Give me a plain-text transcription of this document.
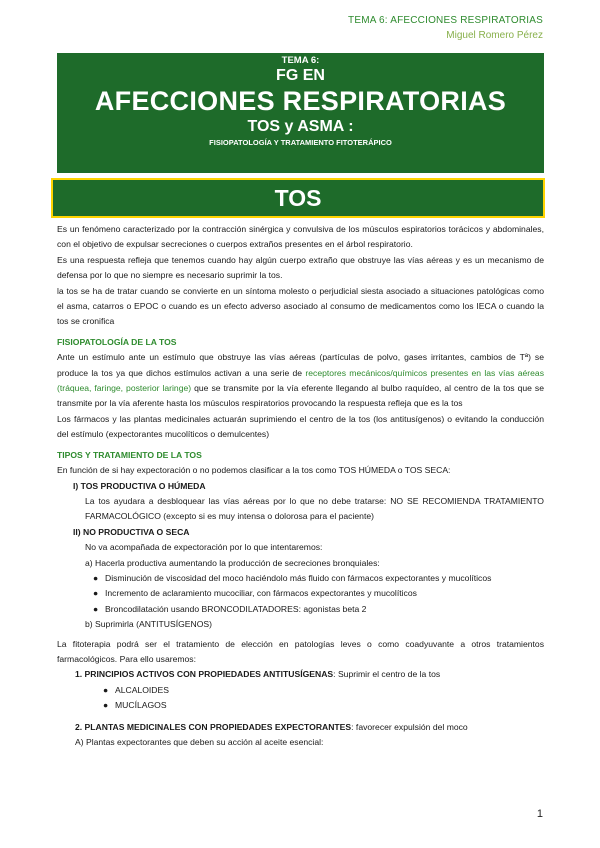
TEMA 6: AFECCIONES RESPIRATORIAS
Miguel Romero Pérez
TEMA 6:
FG EN
AFECCIONES RESPIRATORIAS
TOS y ASMA :
FISIOPATOLOGÍA Y TRATAMIENTO FITOTERÁPICO
TOS

Es un fenómeno caracterizado por la contracción sinérgica y convulsiva de los músculos espiratorios torácicos y abdominales, con el objetivo de expulsar secreciones o cuerpos extraños presentes en el árbol respiratorio.

Es una respuesta refleja que tenemos cuando hay algún cuerpo extraño que obstruye las vías aéreas y es un mecanismo de defensa por lo que no siempre es necesario suprimir la tos.

la tos se ha de tratar cuando se convierte en un síntoma molesto o perjudicial siesta asociado a situaciones patológicas como el asma, catarros o EPOC o cuando es un efecto adverso asociado al consumo de medicamentos como los IECA o cuando la tos se cronifica

FISIOPATOLOGÍA DE LA TOS

Ante un estímulo ante un estímulo que obstruye las vías aéreas (partículas de polvo, gases irritantes, cambios de Tª) se produce la tos ya que dichos estímulos activan a una serie de receptores mecánicos/químicos presentes en las vías aéreas (tráquea, faringe, posterior laringe) que se transmite por la vía eferente llegando al bulbo raquídeo, al centro de la tos que se transmite por la vía aferente hasta los músculos respiratorios provocando la respuesta refleja que es la tos

Los fármacos y las plantas medicinales actuarán suprimiendo el centro de la tos (los antitusígenos) o evitando la conducción del estímulo (expectorantes mucolíticos o demulcentes)

TIPOS Y TRATAMIENTO DE LA TOS

En función de si hay expectoración o no podemos clasificar a la tos como TOS HÚMEDA o TOS SECA:

I) TOS PRODUCTIVA O HÚMEDA

La tos ayudara a desbloquear las vías aéreas por lo que no debe tratarse: NO SE RECOMIENDA TRATAMIENTO FARMACOLÓGICO (excepto si es muy intensa o dolorosa para el paciente)

II) NO PRODUCTIVA O SECA
No va acompañada de expectoración por lo que intentaremos:
a) Hacerla productiva aumentando la producción de secreciones bronquiales:
● Disminución de viscosidad del moco haciéndolo más fluido con fármacos expectorantes y mucolíticos
● Incremento de aclaramiento mucociliar, con fármacos expectorantes y mucolíticos
● Broncodilatación usando BRONCODILATADORES: agonistas beta 2
b) Suprimirla (ANTITUSÍGENOS)

La fitoterapia podrá ser el tratamiento de elección en patologías leves o como coadyuvante a otros tratamientos farmacológicos. Para ello usaremos:

1. PRINCIPIOS ACTIVOS CON PROPIEDADES ANTITUSÍGENAS: Suprimir el centro de la tos
● ALCALOIDES
● MUCÍLAGOS
2. PLANTAS MEDICINALES CON PROPIEDADES EXPECTORANTES: favorecer expulsión del moco
A) Plantas expectorantes que deben su acción al aceite esencial:
1
